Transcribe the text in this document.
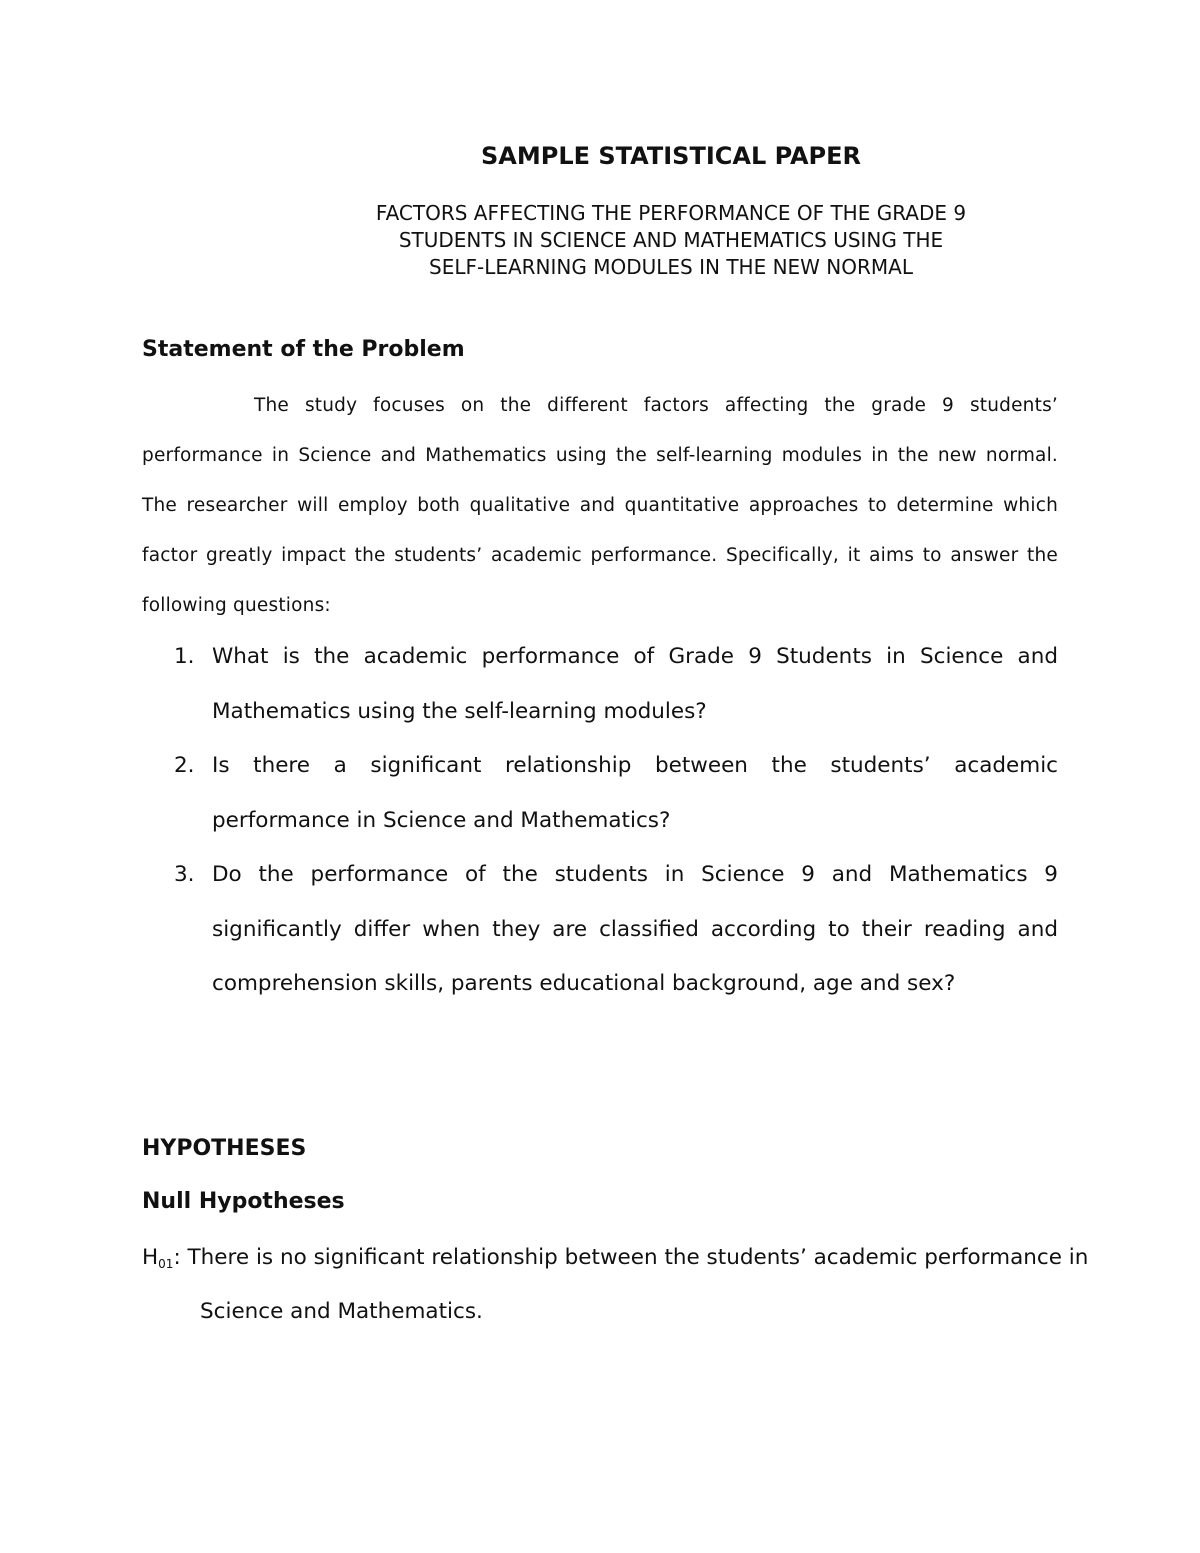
SAMPLE STATISTICAL PAPER
FACTORS AFFECTING THE PERFORMANCE OF THE GRADE 9
STUDENTS IN SCIENCE AND MATHEMATICS USING THE
SELF-LEARNING MODULES IN THE NEW NORMAL
Statement of the Problem

The study focuses on the different factors affecting the grade 9 students’ performance in Science and Mathematics using the self-learning modules in the new normal. The researcher will employ both qualitative and quantitative approaches to determine which factor greatly impact the students’ academic performance. Specifically, it aims to answer the following questions:

1. What is the academic performance of Grade 9 Students in Science and Mathematics using the self-learning modules?
2. Is there a significant relationship between the students’ academic performance in Science and Mathematics?
3. Do the performance of the students in Science 9 and Mathematics 9 significantly differ when they are classified according to their reading and comprehension skills, parents educational background, age and sex?
HYPOTHESES
Null Hypotheses

$H_{01}$: There is no significant relationship between the students’ academic performance in Science and Mathematics.
